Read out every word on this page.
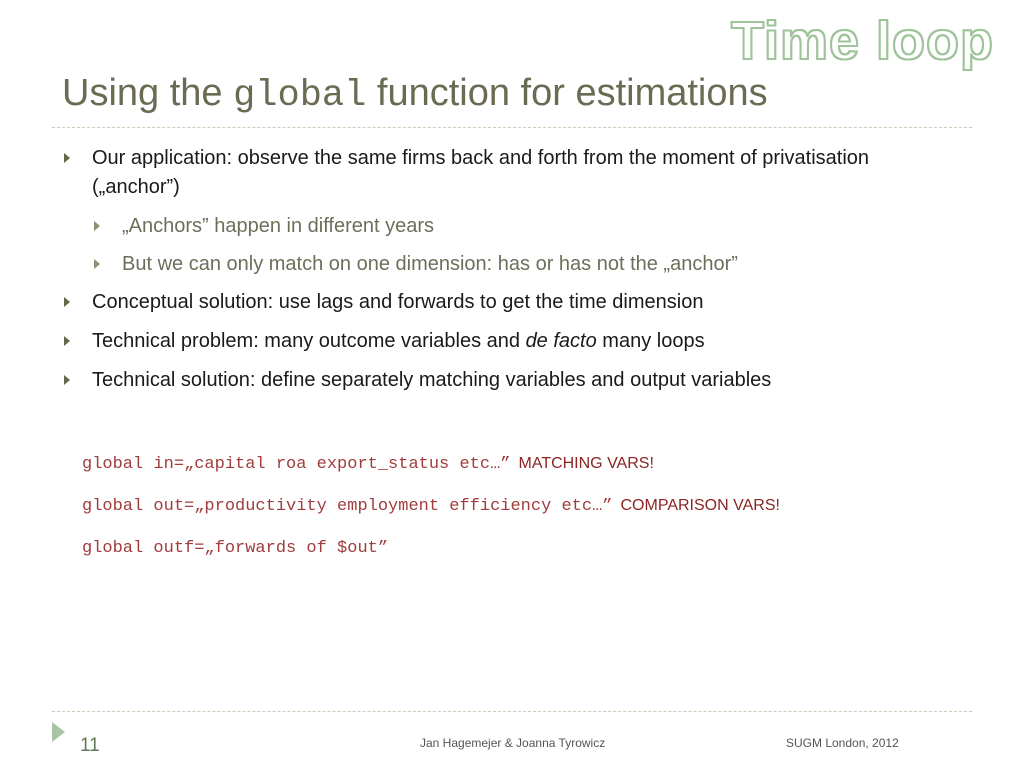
Time loop
Using the global function for estimations
Our application: observe the same firms back and forth from the moment of privatisation („anchor”)
„Anchors” happen in different years
But we can only match on one dimension: has or has not the „anchor”
Conceptual solution: use lags and forwards to get the time dimension
Technical problem: many outcome variables and de facto many loops
Technical solution: define separately matching variables and output variables
global in=„capital roa export_status etc…” MATCHING VARS!
global out=„productivity employment efficiency etc…” COMPARISON VARS!
global outf=„forwards of $out”
11	Jan Hagemejer & Joanna Tyrowicz	SUGM London, 2012
